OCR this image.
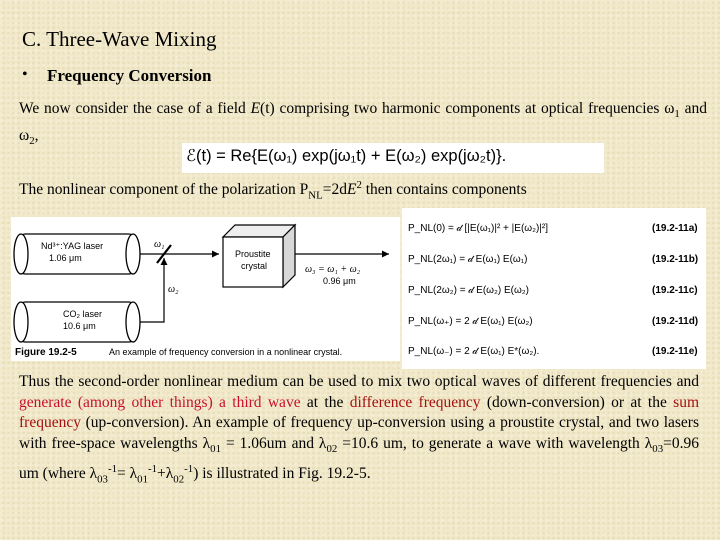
C. Three-Wave Mixing
• Frequency Conversion
We now consider the case of a field E(t) comprising two harmonic components at optical frequencies $\omega_1$ and $\omega_2$,
ℰ(t) = Re{E(ω₁) exp(jω₁t) + E(ω₂) exp(jω₂t)}.
The nonlinear component of the polarization $P_{NL}=2dE^2$ then contains components
Nd³⁺:YAG laser
1.06 μm
CO₂ laser
10.6 μm
ω₁
ω₂
Proustite
crystal	ω₃ = ω₁ + ω₂
0.96 μm
Figure 19.2-5	An example of frequency conversion in a nonlinear crystal.
P_NL(0) = 𝒹 [|E(ω₁)|² + |E(ω₂)|²]	(19.2-11a)
P_NL(2ω₁) = 𝒹 E(ω₁) E(ω₁)	(19.2-11b)
P_NL(2ω₂) = 𝒹 E(ω₂) E(ω₂)	(19.2-11c)
P_NL(ω₊) = 2 𝒹 E(ω₁) E(ω₂)	(19.2-11d)
P_NL(ω₋) = 2 𝒹 E(ω₁) E*(ω₂).	(19.2-11e)
Thus the second-order nonlinear medium can be used to mix two optical waves of different frequencies and generate (among other things) a third wave at the difference frequency (down-conversion) or at the sum frequency (up-conversion). An example of frequency up-conversion using a proustite crystal, and two lasers with free-space wavelengths $\lambda_{01} = 1.06um$ and $\lambda_{02} =10.6$ um, to generate a wave with wavelength $\lambda_{03}=0.96$ um (where $\lambda_{03}^{-1}= \lambda_{01}^{-1}+\lambda_{02}^{-1}$) is illustrated in Fig. 19.2-5.
